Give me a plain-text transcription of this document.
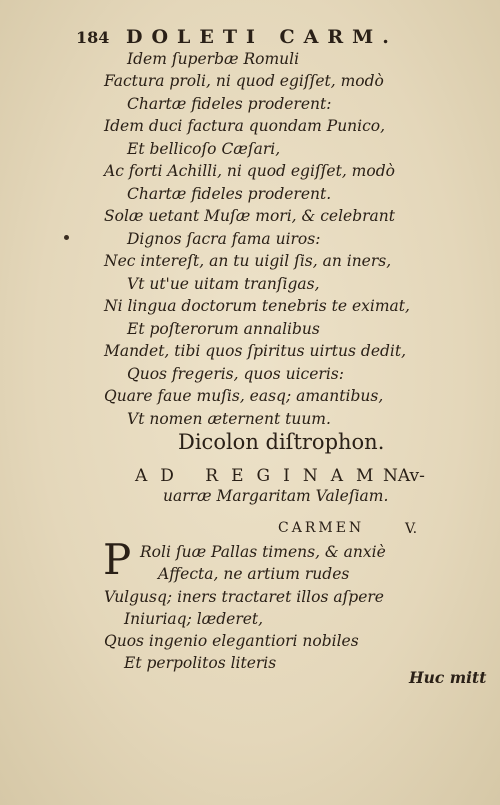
184 DOLETI CARM.
Idem ſuperbæ Romuli
Factura proli, ni quod egiſſet, modò
Chartæ fideles proderent:
Idem duci factura quondam Punico,
Et bellicoſo Cæſari,
Ac forti Achilli, ni quod egiſſet, modò
Chartæ fideles proderent.
Solæ uetant Muſæ mori, & celebrant
Dignos ſacra fama uiros:
Nec intereſt, an tu uigil ſis, an iners,
Vt ut'ue uitam tranſigas,
Ni lingua doctorum tenebris te eximat,
Et poſterorum annalibus
Mandet, tibi quos ſpiritus uirtus dedit,
Quos fregeris, quos uiceris:
Quare faue muſis, easq; amantibus,
Vt nomen æternent tuum.
Dicolon diſtrophon.
AD REGINAM
NAv-
uarræ Margaritam Valeſiam.
CARMEN	V.
P Roli ſuæ Pallas timens, & anxiè
Affecta, ne artium rudes
Vulgusq; iners tractaret illos aſpere
Iniuriaq; læderet,
Quos ingenio elegantiori nobiles
Et perpolitos literis
Huc mitt
